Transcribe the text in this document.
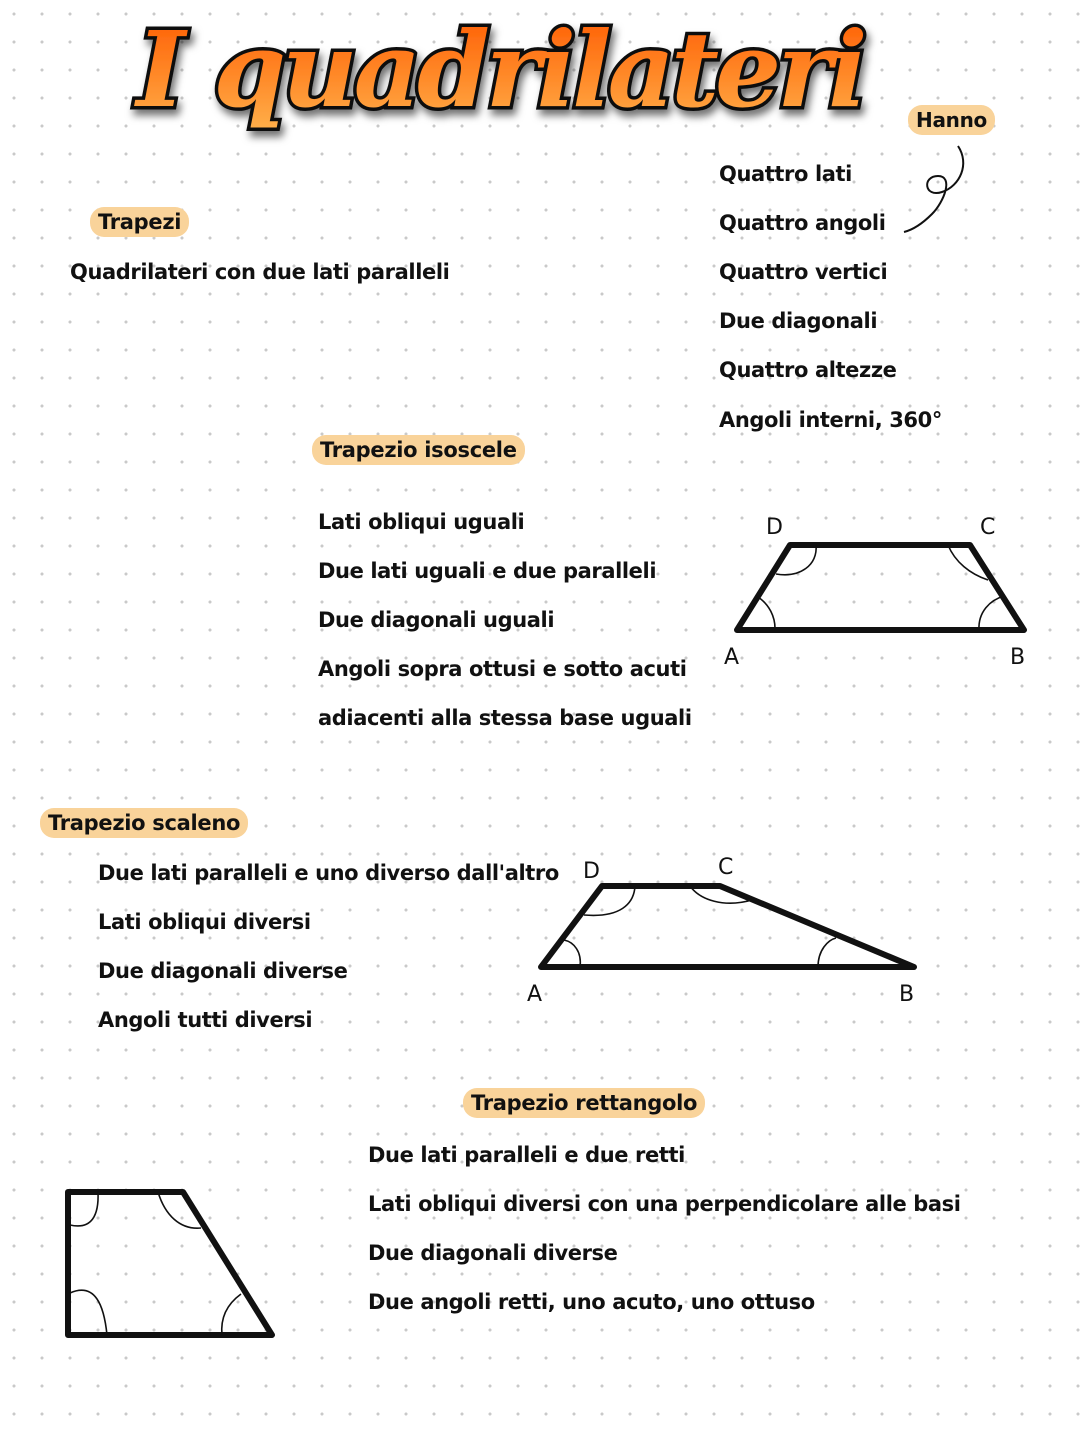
I quadrilateri	Hanno
Quattro lati
Quattro angoli
Quattro vertici
Due diagonali
Quattro altezze
Angoli interni, 360°
Trapezi
Quadrilateri con due lati paralleli
Trapezio isoscele
Lati obliqui uguali
Due lati uguali e due paralleli
Due diagonali uguali
Angoli sopra ottusi e sotto acuti
adiacenti alla stessa base uguali
D	C
A	B
Trapezio scaleno
Due lati paralleli e uno diverso dall'altro
Lati obliqui diversi
Due diagonali diverse
Angoli tutti diversi
D	C
A	B
Trapezio rettangolo
Due lati paralleli e due retti
Lati obliqui diversi con una perpendicolare alle basi
Due diagonali diverse
Due angoli retti, uno acuto, uno ottuso
